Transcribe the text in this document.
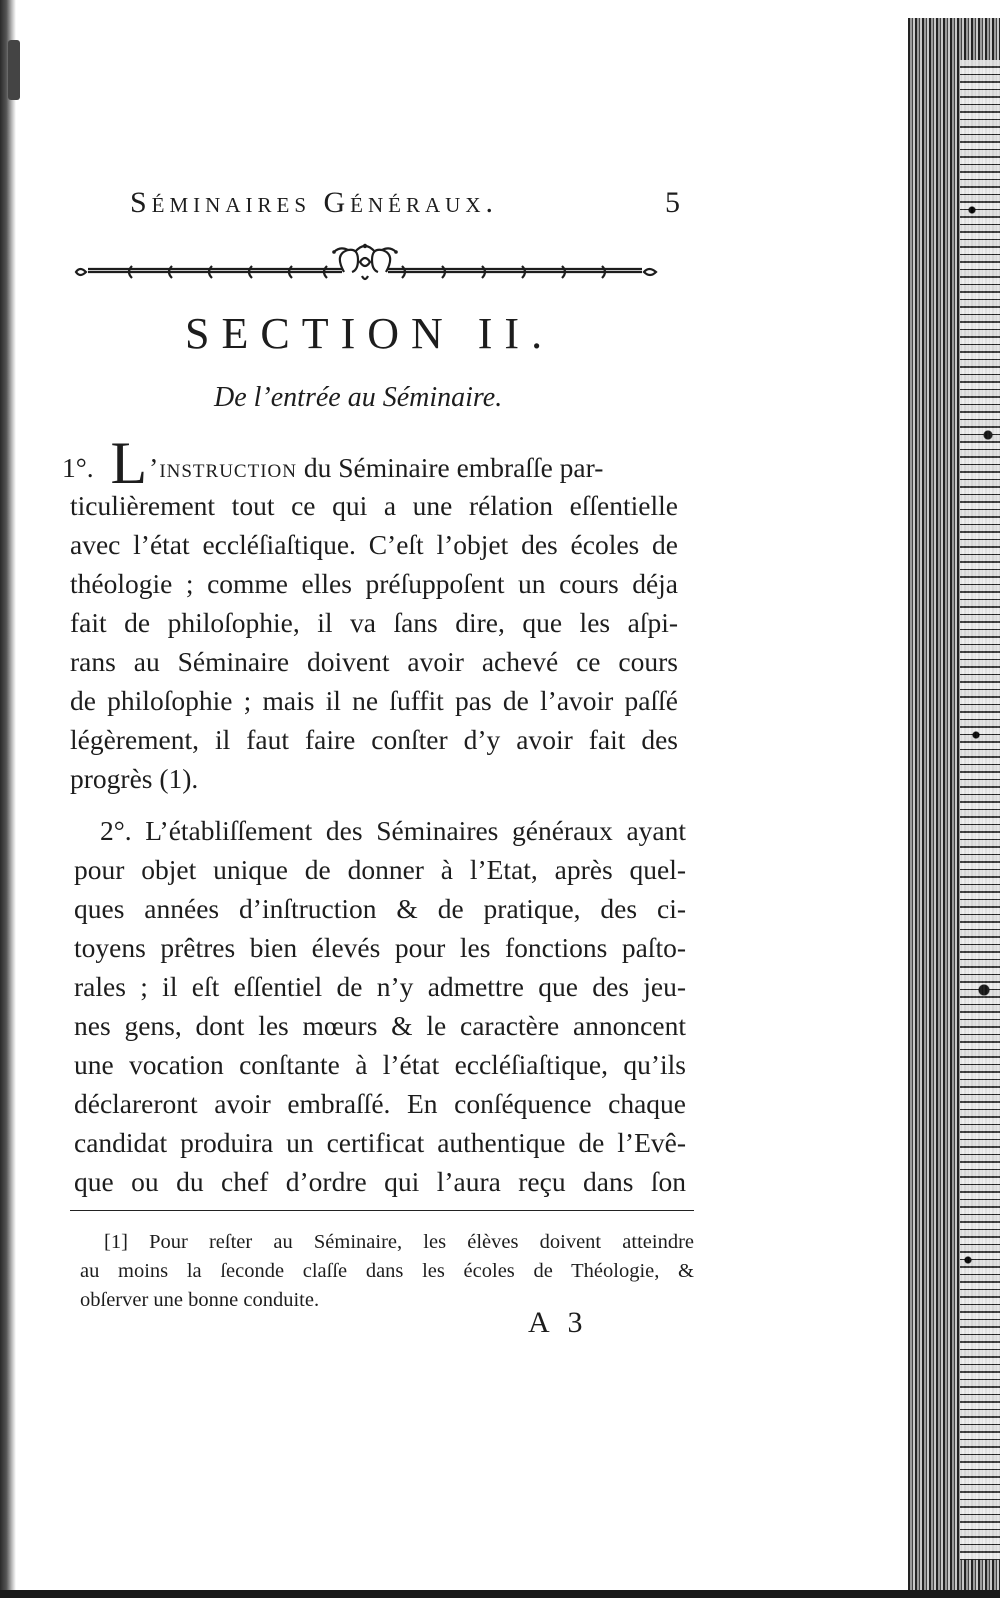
Séminaires Généraux.	5
SECTION II.
De l’entrée au Séminaire.
1°. L’instruction du Séminaire embraſſe par-
ticulièrement tout ce qui a une rélation eſſentielle
avec l’état eccléſiaſtique. C’eſt l’objet des écoles de
théologie ; comme elles préſuppoſent un cours déja
fait de philoſophie, il va ſans dire, que les aſpi-
rans au Séminaire doivent avoir achevé ce cours
de philoſophie ; mais il ne ſuffit pas de l’avoir paſſé
légèrement, il faut faire conſter d’y avoir fait des
progrès (1).
2°. L’établiſſement des Séminaires généraux ayant
pour objet unique de donner à l’Etat, après quel-
ques années d’inſtruction & de pratique, des ci-
toyens prêtres bien élevés pour les fonctions paſto-
rales ; il eſt eſſentiel de n’y admettre que des jeu-
nes gens, dont les mœurs & le caractère annoncent
une vocation conſtante à l’état eccléſiaſtique, qu’ils
déclareront avoir embraſſé. En conſéquence chaque
candidat produira un certificat authentique de l’Evê-
que ou du chef d’ordre qui l’aura reçu dans ſon
[1] Pour reſter au Séminaire, les élèves doivent atteindre
au moins la ſeconde claſſe dans les écoles de Théologie, &
obſerver une bonne conduite.
A 3
